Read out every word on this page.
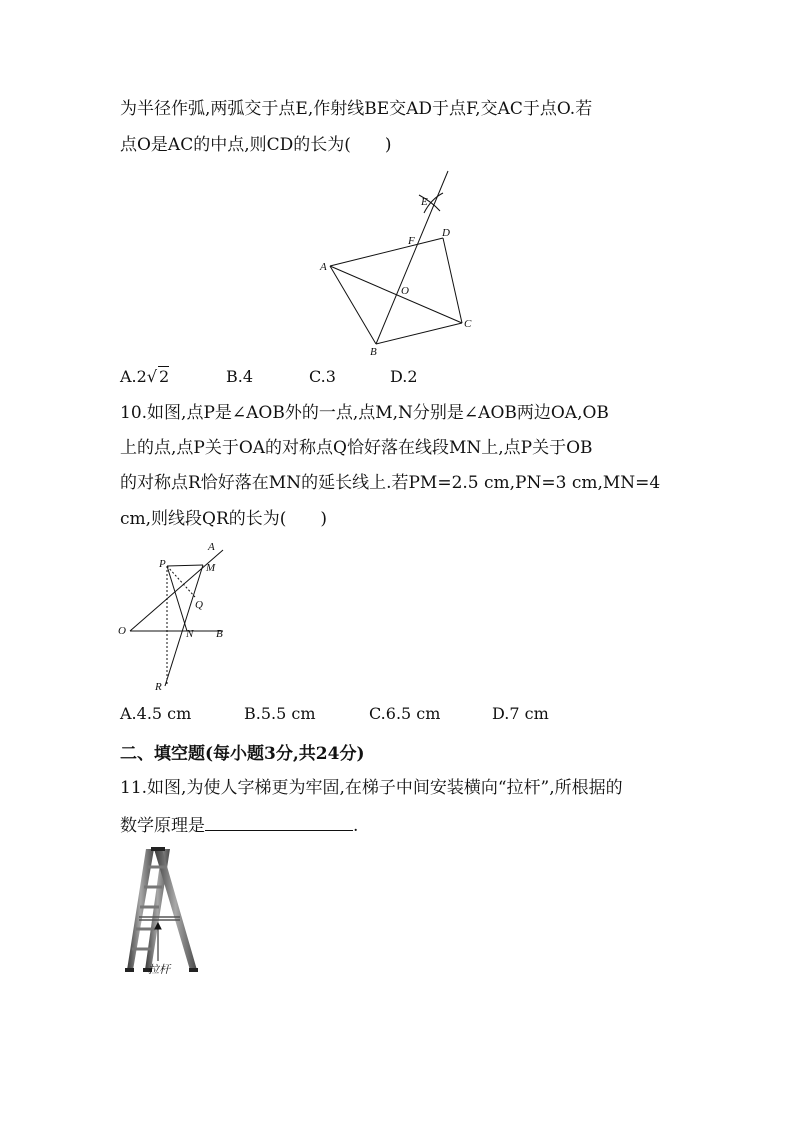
为半径作弧,两弧交于点E,作射线BE交AD于点F,交AC于点O.若
点O是AC的中点,则CD的长为(　　)
E
F
D
A
O
C
B
A.2√ 2	B.4	C.3	D.2
10.如图,点P是∠AOB外的一点,点M,N分别是∠AOB两边OA,OB
上的点,点P关于OA的对称点Q恰好落在线段MN上,点P关于OB
的对称点R恰好落在MN的延长线上.若PM=2.5 cm,PN=3 cm,MN=4
cm,则线段QR的长为(　　)
A
P	M
Q
O	N B
R
A.4.5 cm	B.5.5 cm	C.6.5 cm	D.7 cm
二、填空题(每小题3分,共24分)
11.如图,为使人字梯更为牢固,在梯子中间安装横向“拉杆”,所根据的
数学原理是	.
拉杆
